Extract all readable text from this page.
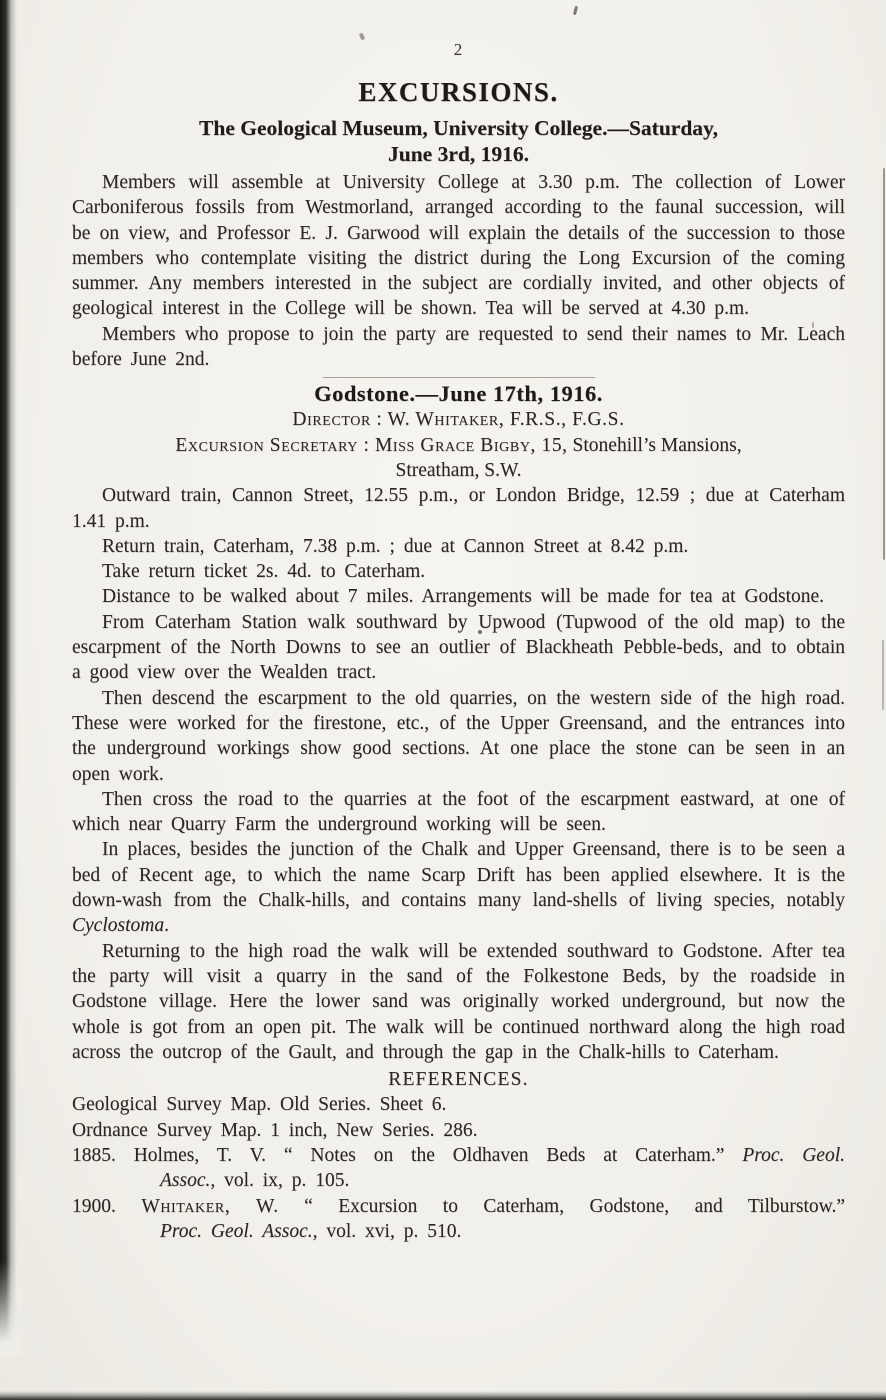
2
EXCURSIONS.
The Geological Museum, University College.—Saturday,
June 3rd, 1916.

Members will assemble at University College at 3.30 p.m. The collection of Lower Carboniferous fossils from Westmorland, arranged according to the faunal succession, will be on view, and Professor E. J. Garwood will explain the details of the succession to those members who contemplate visiting the district during the Long Excursion of the coming summer. Any members interested in the subject are cordially invited, and other objects of geological interest in the College will be shown. Tea will be served at 4.30 p.m.

Members who propose to join the party are requested to send their names to Mr. Leach before June 2nd.

Godstone.—June 17th, 1916.
Director : W. Whitaker, F.R.S., F.G.S.
Excursion Secretary : Miss Grace Bigby, 15, Stonehill’s Mansions,
Streatham, S.W.

Outward train, Cannon Street, 12.55 p.m., or London Bridge, 12.59 ; due at Caterham 1.41 p.m.

Return train, Caterham, 7.38 p.m. ; due at Cannon Street at 8.42 p.m.

Take return ticket 2s. 4d. to Caterham.

Distance to be walked about 7 miles. Arrangements will be made for tea at Godstone.

From Caterham Station walk southward by Upwood (Tupwood of the old map) to the escarpment of the North Downs to see an outlier of Blackheath Pebble-beds, and to obtain a good view over the Wealden tract.

Then descend the escarpment to the old quarries, on the western side of the high road. These were worked for the firestone, etc., of the Upper Greensand, and the entrances into the underground workings show good sections. At one place the stone can be seen in an open work.

Then cross the road to the quarries at the foot of the escarpment eastward, at one of which near Quarry Farm the underground working will be seen.

In places, besides the junction of the Chalk and Upper Greensand, there is to be seen a bed of Recent age, to which the name Scarp Drift has been applied elsewhere. It is the down-wash from the Chalk-hills, and contains many land-shells of living species, notably Cyclostoma.

Returning to the high road the walk will be extended southward to Godstone. After tea the party will visit a quarry in the sand of the Folkestone Beds, by the roadside in Godstone village. Here the lower sand was originally worked underground, but now the whole is got from an open pit. The walk will be continued northward along the high road across the outcrop of the Gault, and through the gap in the Chalk-hills to Caterham.

REFERENCES.
Geological Survey Map. Old Series. Sheet 6.
Ordnance Survey Map. 1 inch, New Series. 286.
1885. Holmes, T. V. “ Notes on the Oldhaven Beds at Caterham.” Proc. Geol.
Assoc., vol. ix, p. 105.
1900. Whitaker, W. “ Excursion to Caterham, Godstone, and Tilburstow.”
Proc. Geol. Assoc., vol. xvi, p. 510.
